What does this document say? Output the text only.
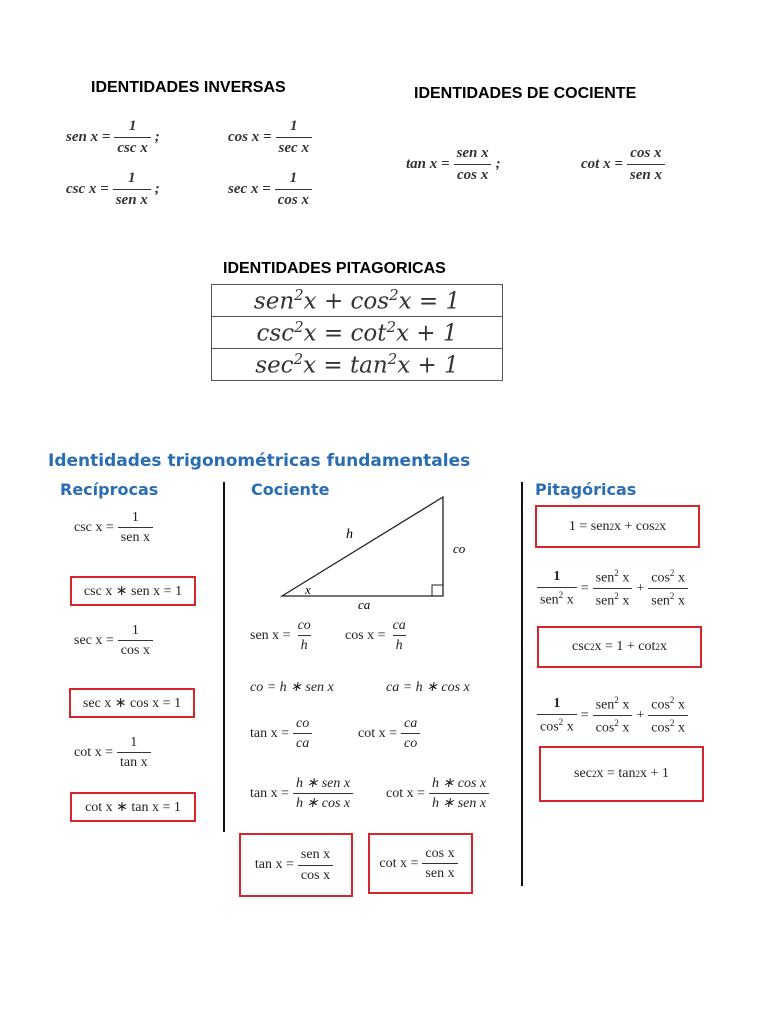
IDENTIDADES INVERSAS	IDENTIDADES DE COCIENTE
sen $x = \frac{1}{\text{csc x}}$ ;	$\cos x = \frac{1}{\text{sec x}}$
$\csc x = \frac{1}{\text{sen x}}$ ;	$\sec x = \frac{1}{\text{cos x}}$
$\tan x = \frac{\text{sen x}}{\text{cos x}}$ ;	$\cot x = \frac{\text{cos x}}{\text{sen x}}$
IDENTIDADES PITAGORICAS
$sen^2x + \cos^2x = 1$
$\csc^2x = \cot^2x + 1$
$\sec^2x = \tan^2x + 1$
Identidades trigonométricas fundamentales
Recíprocas	Cociente	Pitagóricas
$\csc x = \frac{1}{\text{sen x}}$
csc x ∗ sen x = 1
$\sec x = \frac{1}{\text{cos x}}$
sec x ∗ cos x = 1
$\cot x = \frac{1}{\text{tan x}}$
cot x ∗ tan x = 1
h
co
ca
x
sen $x = \frac{co}{h}$ $\cos x = \frac{ca}{h}$
co = h ∗ sen x	ca = h ∗ cos x
$\tan x = \frac{co}{ca}$	$\cot x = \frac{ca}{co}$
$\tan x = \frac{\text{h ∗ sen x}}{\text{h ∗ cos x}}$ $\cot x = \frac{\text{h ∗ cos x}}{\text{h ∗ sen x}}$
$\tan x = \frac{\text{sen x}}{\text{cos x}}$	$\cot x = \frac{\text{cos x}}{\text{sen x}}$
1 = sen 2 x + cos 2 x
$\frac{1}{sen^2 x} = \frac{sen^2 x}{sen^2 x} + \frac{\cos^2 x}{sen^2 x}$
csc 2 x = 1 + cot 2 x
$\frac{1}{\cos^2 x} = \frac{sen^2 x}{\cos^2 x} + \frac{\cos^2 x}{\cos^2 x}$
sec 2 x = tan 2 x + 1
